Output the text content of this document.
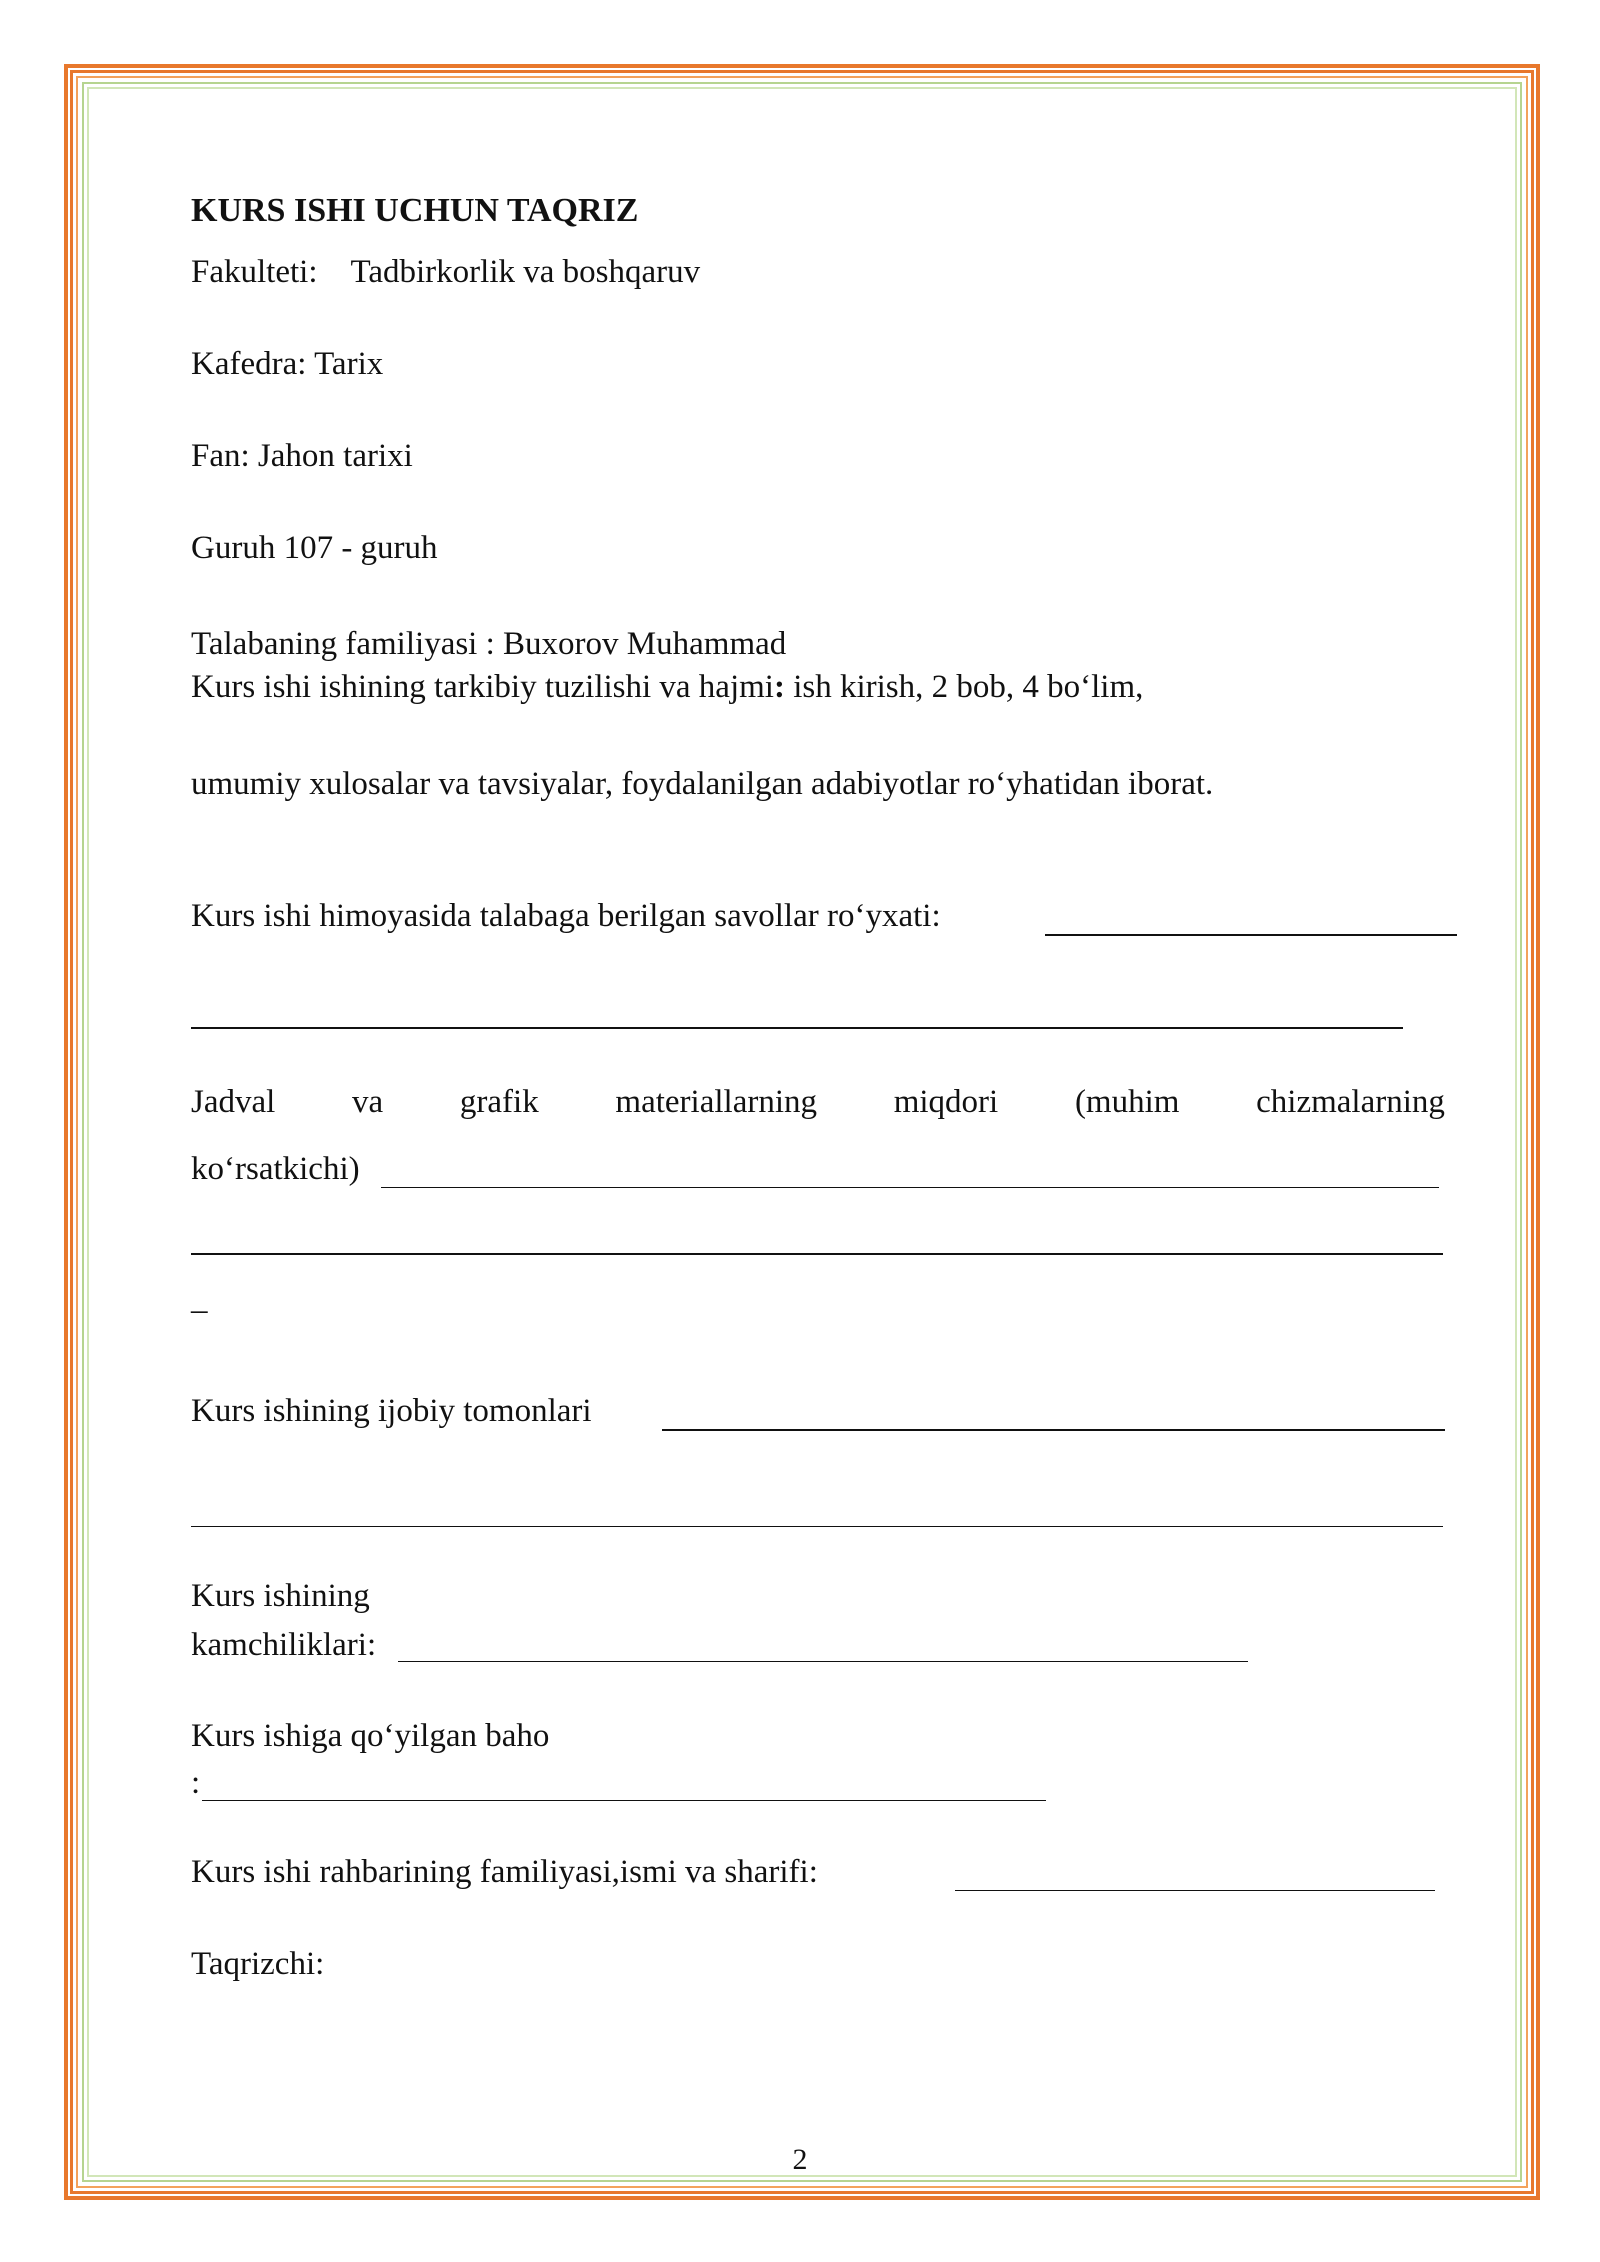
KURS ISHI UCHUN TAQRIZ
Fakulteti: Tadbirkorlik va boshqaruv
Kafedra: Tarix
Fan: Jahon tarixi
Guruh 107 - guruh
Talabaning familiyasi : Buxorov Muhammad
Kurs ishi ishining tarkibiy tuzilishi va hajmi: ish kirish, 2 bob, 4 bo‘lim,
umumiy xulosalar va tavsiyalar, foydalanilgan adabiyotlar ro‘yhatidan iborat.
Kurs ishi himoyasida talabaga berilgan savollar ro‘yxati:
Jadval va grafik materiallarning miqdori (muhim chizmalarning
ko‘rsatkichi)
_
Kurs ishining ijobiy tomonlari
Kurs ishining
kamchiliklari:
Kurs ishiga qo‘yilgan baho
:
Kurs ishi rahbarining familiyasi,ismi va sharifi:
Taqrizchi:
2
